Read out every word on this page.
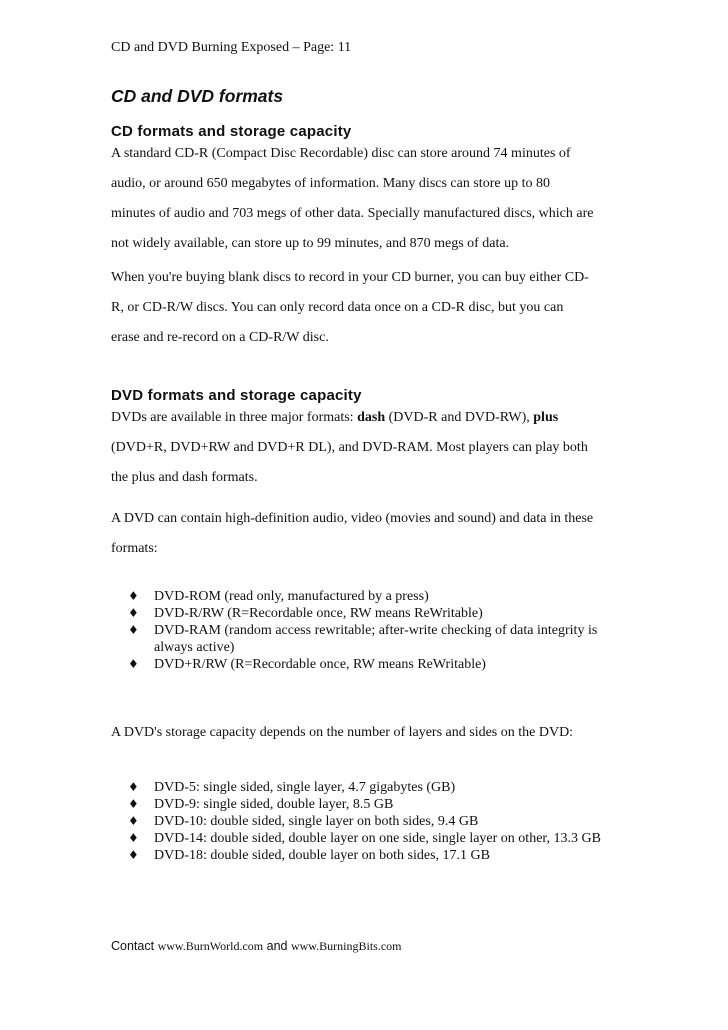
CD and DVD Burning Exposed – Page: 11
CD and DVD formats
CD formats and storage capacity
A standard CD-R (Compact Disc Recordable) disc can store around 74 minutes of
audio, or around 650 megabytes of information. Many discs can store up to 80
minutes of audio and 703 megs of other data. Specially manufactured discs, which are
not widely available, can store up to 99 minutes, and 870 megs of data.
When you're buying blank discs to record in your CD burner, you can buy either CD-
R, or CD-R/W discs. You can only record data once on a CD-R disc, but you can
erase and re-record on a CD-R/W disc.
DVD formats and storage capacity
DVDs are available in three major formats: dash (DVD-R and DVD-RW), plus
(DVD+R, DVD+RW and DVD+R DL), and DVD-RAM. Most players can play both
the plus and dash formats.
A DVD can contain high-definition audio, video (movies and sound) and data in these
formats:
♦ DVD-ROM (read only, manufactured by a press)
♦ DVD-R/RW (R=Recordable once, RW means ReWritable)
♦ DVD-RAM (random access rewritable; after-write checking of data integrity is always active)
♦ DVD+R/RW (R=Recordable once, RW means ReWritable)
A DVD's storage capacity depends on the number of layers and sides on the DVD:
♦ DVD-5: single sided, single layer, 4.7 gigabytes (GB)
♦ DVD-9: single sided, double layer, 8.5 GB
♦ DVD-10: double sided, single layer on both sides, 9.4 GB
♦ DVD-14: double sided, double layer on one side, single layer on other, 13.3 GB
♦ DVD-18: double sided, double layer on both sides, 17.1 GB
Contact www.BurnWorld.com and www.BurningBits.com
